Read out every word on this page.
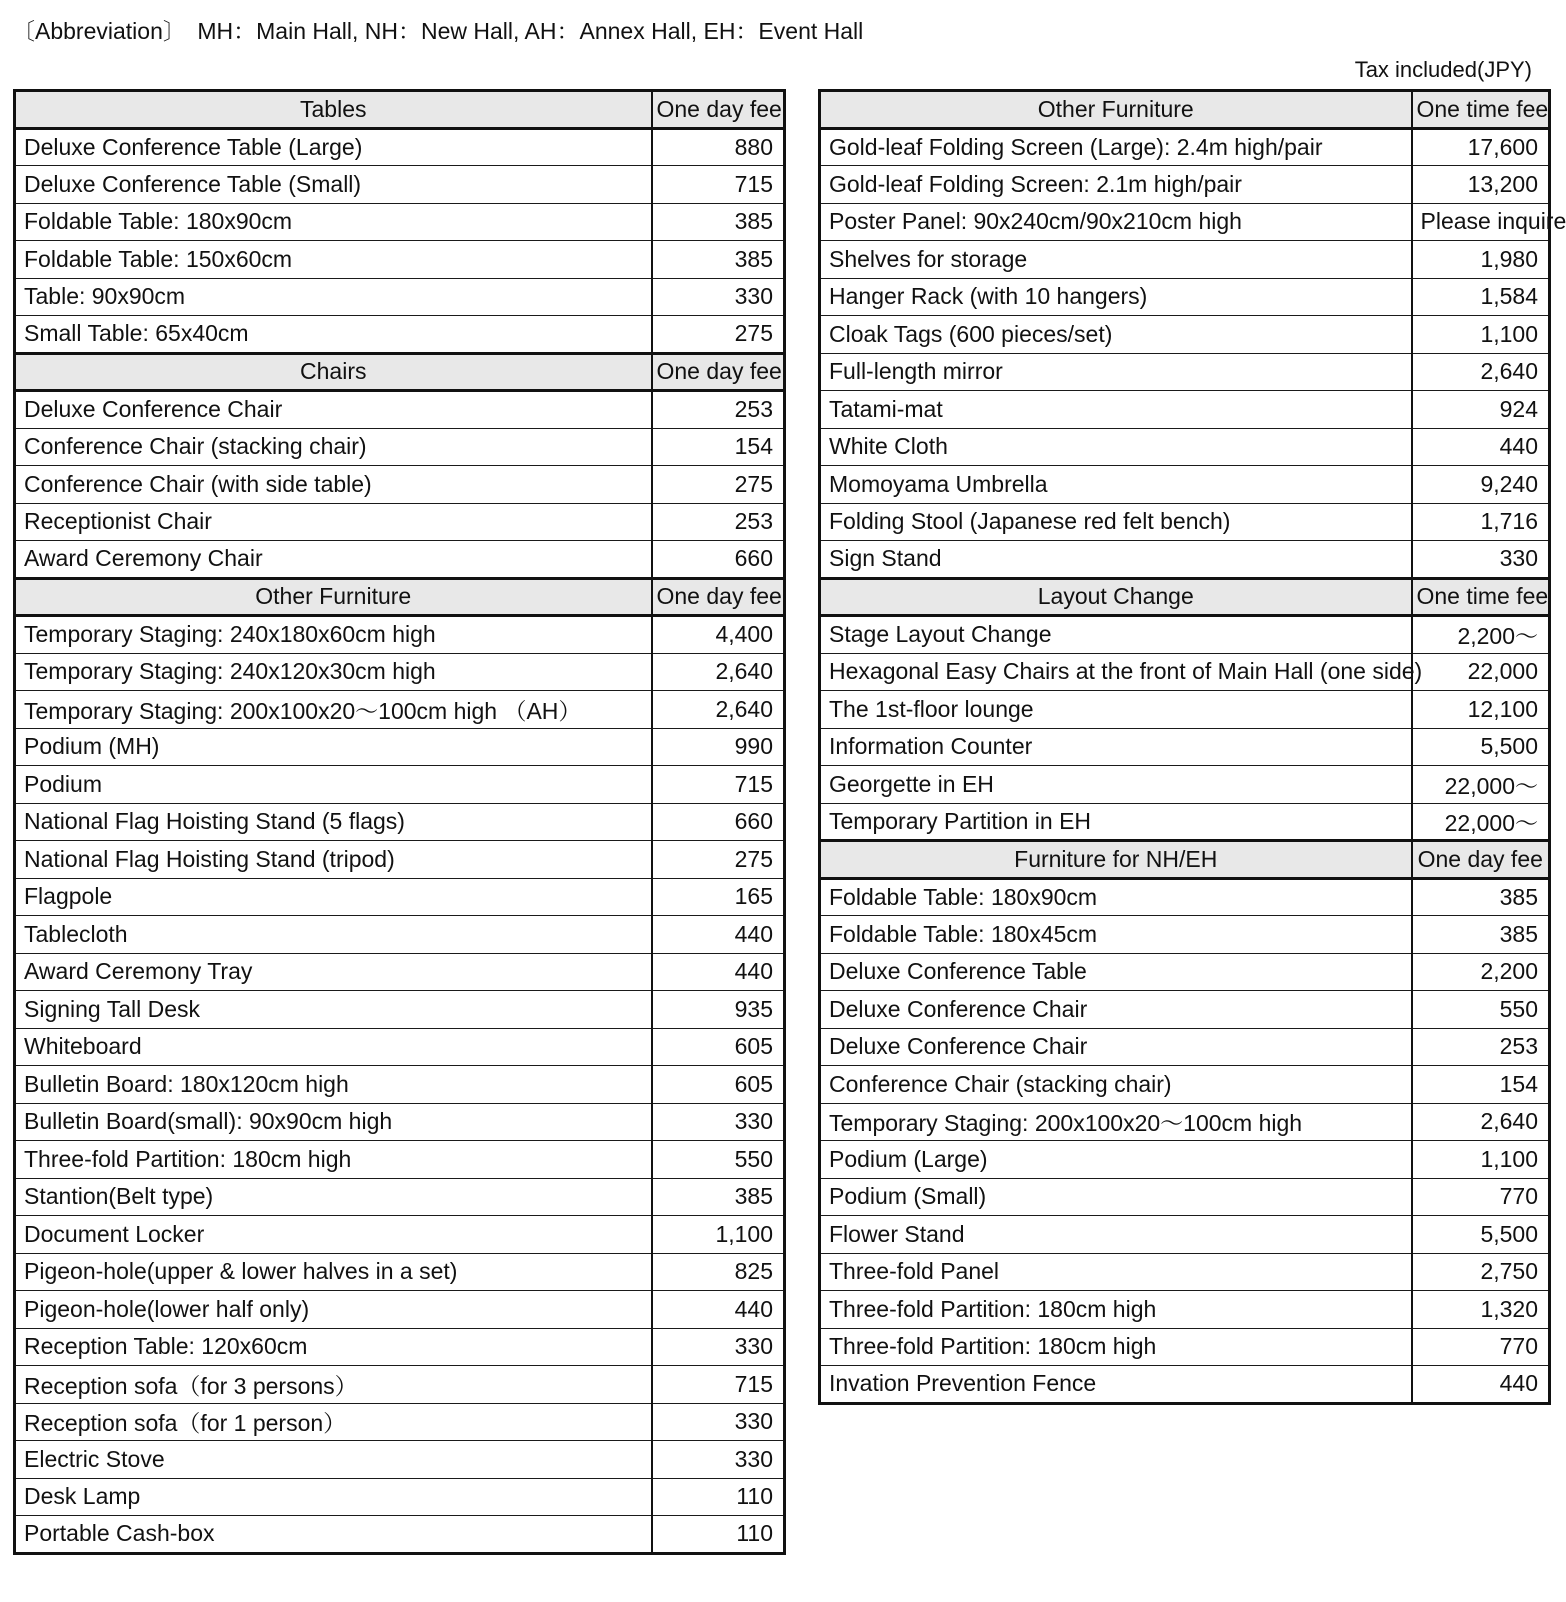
〔Abbreviation〕　MH：Main Hall, NH：New Hall, AH：Annex Hall, EH：Event Hall
Tax included(JPY)
Tables	One day fee
Deluxe Conference Table (Large)	880
Deluxe Conference Table (Small)	715
Foldable Table: 180x90cm	385
Foldable Table: 150x60cm	385
Table: 90x90cm	330
Small Table: 65x40cm	275
Chairs	One day fee
Deluxe Conference Chair	253
Conference Chair (stacking chair)	154
Conference Chair (with side table)	275
Receptionist Chair	253
Award Ceremony Chair	660
Other Furniture	One day fee
Temporary Staging: 240x180x60cm high	4,400
Temporary Staging: 240x120x30cm high	2,640
Temporary Staging: 200x100x20～100cm high （AH）	2,640
Podium (MH)	990
Podium	715
National Flag Hoisting Stand (5 flags)	660
National Flag Hoisting Stand (tripod)	275
Flagpole	165
Tablecloth	440
Award Ceremony Tray	440
Signing Tall Desk	935
Whiteboard	605
Bulletin Board: 180x120cm high	605
Bulletin Board(small): 90x90cm high	330
Three-fold Partition: 180cm high	550
Stantion(Belt type)	385
Document Locker	1,100
Pigeon-hole(upper & lower halves in a set)	825
Pigeon-hole(lower half only)	440
Reception Table: 120x60cm	330
Reception sofa（for 3 persons）	715
Reception sofa（for 1 person）	330
Electric Stove	330
Desk Lamp	110
Portable Cash-box	110
Other Furniture	One time fee
Gold-leaf Folding Screen (Large): 2.4m high/pair	17,600
Gold-leaf Folding Screen: 2.1m high/pair	13,200
Poster Panel: 90x240cm/90x210cm high	Please inquire
Shelves for storage	1,980
Hanger Rack (with 10 hangers)	1,584
Cloak Tags (600 pieces/set)	1,100
Full-length mirror	2,640
Tatami-mat	924
White Cloth	440
Momoyama Umbrella	9,240
Folding Stool (Japanese red felt bench)	1,716
Sign Stand	330
Layout Change	One time fee
Stage Layout Change	2,200～
Hexagonal Easy Chairs at the front of Main Hall (one side)	22,000
The 1st-floor lounge	12,100
Information Counter	5,500
Georgette in EH	22,000～
Temporary Partition in EH	22,000～
Furniture for NH/EH	One day fee
Foldable Table: 180x90cm	385
Foldable Table: 180x45cm	385
Deluxe Conference Table	2,200
Deluxe Conference Chair	550
Deluxe Conference Chair	253
Conference Chair (stacking chair)	154
Temporary Staging: 200x100x20～100cm high	2,640
Podium (Large)	1,100
Podium (Small)	770
Flower Stand	5,500
Three-fold Panel	2,750
Three-fold Partition: 180cm high	1,320
Three-fold Partition: 180cm high	770
Invation Prevention Fence	440
